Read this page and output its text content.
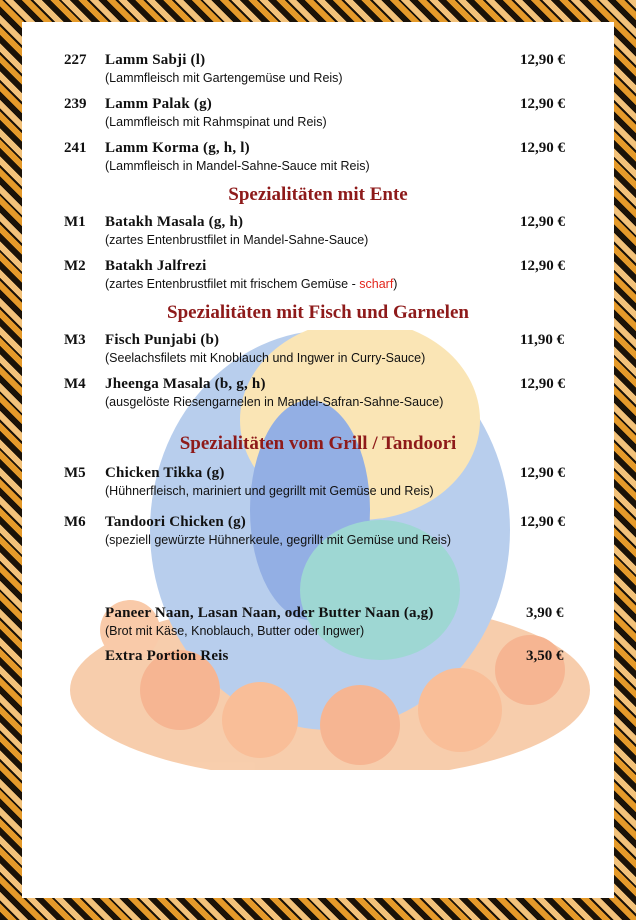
227 Lamm Sabji (l)	12,90 €
(Lammfleisch mit Gartengemüse und Reis)
239 Lamm Palak (g)	12,90 €
(Lammfleisch mit Rahmspinat und Reis)
241 Lamm Korma (g, h, l)	12,90 €
(Lammfleisch in Mandel-Sahne-Sauce mit Reis)
Spezialitäten mit Ente
M1 Batakh Masala (g, h)	12,90 €
(zartes Entenbrustfilet in Mandel-Sahne-Sauce)
M2 Batakh Jalfrezi	12,90 €
(zartes Entenbrustfilet mit frischem Gemüse - scharf)
Spezialitäten mit Fisch und Garnelen
M3 Fisch Punjabi (b)	11,90 €
(Seelachsfilets mit Knoblauch und Ingwer in Curry-Sauce)
M4 Jheenga Masala (b, g, h)	12,90 €
(ausgelöste Riesengarnelen in Mandel-Safran-Sahne-Sauce)
Spezialitäten vom Grill / Tandoori
M5 Chicken Tikka (g)	12,90 €
(Hühnerfleisch, mariniert und gegrillt mit Gemüse und Reis)
M6 Tandoori Chicken (g)	12,90 €
(speziell gewürzte Hühnerkeule, gegrillt mit Gemüse und Reis)
Paneer Naan, Lasan Naan, oder Butter Naan (a,g)	3,90 €
(Brot mit Käse, Knoblauch, Butter oder Ingwer)
Extra Portion Reis	3,50 €
